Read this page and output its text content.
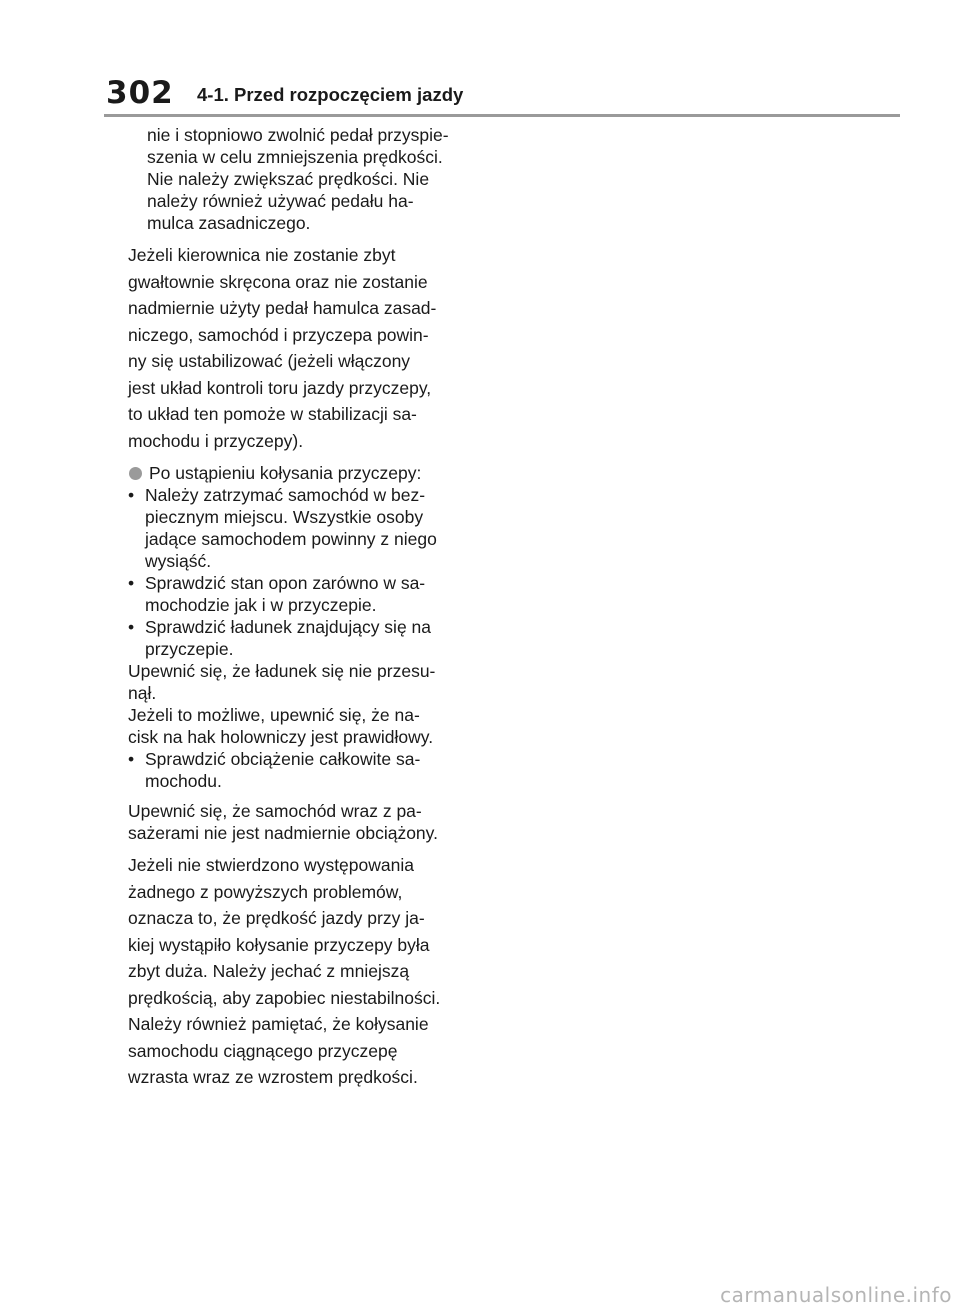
302 4-1. Przed rozpoczęciem jazdy
nie i stopniowo zwolnić pedał przyspie-
szenia w celu zmniejszenia prędkości.
Nie należy zwiększać prędkości. Nie
należy również używać pedału ha-
mulca zasadniczego.
Jeżeli kierownica nie zostanie zbyt
gwałtownie skręcona oraz nie zostanie
nadmiernie użyty pedał hamulca zasad-
niczego, samochód i przyczepa powin-
ny się ustabilizować (jeżeli włączony
jest układ kontroli toru jazdy przyczepy,
to układ ten pomoże w stabilizacji sa-
mochodu i przyczepy).
Po ustąpieniu kołysania przyczepy:
• Należy zatrzymać samochód w bez-
piecznym miejscu. Wszystkie osoby
jadące samochodem powinny z niego
wysiąść.
• Sprawdzić stan opon zarówno w sa-
mochodzie jak i w przyczepie.
• Sprawdzić ładunek znajdujący się na
przyczepie.
Upewnić się, że ładunek się nie przesu-
nął.
Jeżeli to możliwe, upewnić się, że na-
cisk na hak holowniczy jest prawidłowy.
• Sprawdzić obciążenie całkowite sa-
mochodu.
Upewnić się, że samochód wraz z pa-
sażerami nie jest nadmiernie obciążony.
Jeżeli nie stwierdzono występowania
żadnego z powyższych problemów,
oznacza to, że prędkość jazdy przy ja-
kiej wystąpiło kołysanie przyczepy była
zbyt duża. Należy jechać z mniejszą
prędkością, aby zapobiec niestabilności.
Należy również pamiętać, że kołysanie
samochodu ciągnącego przyczepę
wzrasta wraz ze wzrostem prędkości.
carmanualsonline.info
